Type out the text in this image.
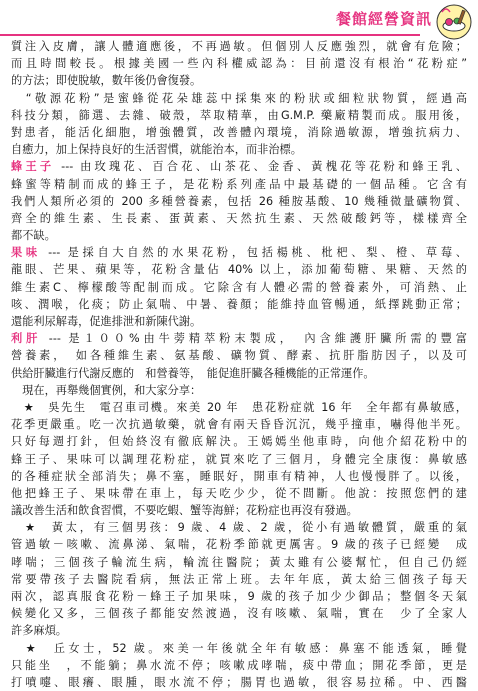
餐館經營資訊
質注入皮膚，讓人體適應後，不再過敏。但個別人反應強烈，就會有危險；
而且時間較長。根據美國一些內科權威認為：目前還沒有根治“花粉症”
的方法；即使脫敏，數年後仍會復發。
　“敬源花粉”是蜜蜂從花朵雄蕊中採集來的粉狀或細粒狀物質，經過高
科技分類，篩選、去雜、破殼，萃取精華，由G.M.P. 藥廠精製而成。服用後，
對患者，能活化細胞，增強體質，改善體內環境，消除過敏源，增強抗病力、
自癒力，加上保持良好的生活習慣，就能治本，而非治標。
蜂王子 --- 由玫瑰花、百合花、山茶花、金香、黃槐花等花粉和蜂王乳、
蜂蜜等精制而成的蜂王子，是花粉系列產品中最基礎的一個品種。它含有
我們人類所必須的 200 多種營養素，包括 26 種胺基酸、10 幾種微量礦物質、
齊全的維生素、生長素、蛋黃素、天然抗生素、天然破酸鈣等，樣樣齊全
都不缺。
果味 --- 是採自大自然的水果花粉，包括楊桃、枇杷、梨、橙、草莓、
龍眼、芒果、蘋果等，花粉含量佔 40% 以上，添加葡萄糖、果糖、天然的
維生素C、檸檬酸等配制而成。它除含有人體必需的營養素外，可消熱、止
咳、潤喉，化痰；防止氣喘、中暑、養顏；能維持血管暢通，紙擇跳動正常；
還能利尿解毒，促進排泄和新陳代謝。
利肝 --- 是１００%由牛蒡精萃粉末製成，　內含維護肝臟所需的豐富
營養素，　如各種維生素、氨基酸、礦物質、酵素、抗肝脂肪因子，以及可
供給肝臟進行代謝反應的　和營養等，　能促進肝臟各種機能的正常運作。
　現在，再舉幾個實例，和大家分享：
　★　吳先生　電召車司機。來美 20 年　患花粉症就 16 年　全年都有鼻敏感，
花季更嚴重。吃一次抗過敏藥，就會有兩天昏昏沉沉，幾乎撞車，嚇得他半死。
只好每週打針，但始終沒有徹底解決。王嫣嫣坐他車時，向他介紹花粉中的
蜂王子、果味可以調理花粉症，就買來吃了三個月，身體完全康復：鼻敏感
的各種症狀全部消失；鼻不塞，睡眠好，開車有精神，人也慢慢胖了。以後，
他把蜂王子、果味帶在車上，每天吃少少，從不間斷。他說：按照您們的建
議改善生活和飲食習慣，不要吃蝦、蟹等海鮮；花粉症也再沒有發過。
　★　黃太，有三個男孩：9 歲、4 歲、2 歲，從小有過敏體質，嚴重的氣
管過敏－咳嗽、流鼻涕、氣喘，花粉季節就更厲害。9 歲的孩子已經變　成
哮喘；三個孩子輪流生病，輪流往醫院；黃太雖有公婆幫忙，但自己仍經
常要帶孩子去醫院看病，無法正常上班。去年年底，黃太給三個孩子每天
兩次，認真服食花粉－蜂王子加果味，9 歲的孩子加少少御品；整個冬天氣
候變化又多，三個孩子都能安然渡過，沒有咳嗽、氣喘，實在　少了全家人
許多麻煩。
　★　丘女士，52 歲。來美一年後就全年有敏感：鼻塞不能透氣，睡覺
只能坐　，不能躺；鼻水流不停；咳嗽成哮喘，痰中帶血；開花季節，更是
打噴嚏、眼癢、眼腫，眼水流不停；腸胃也過敏，很容易拉稀。中、西醫
